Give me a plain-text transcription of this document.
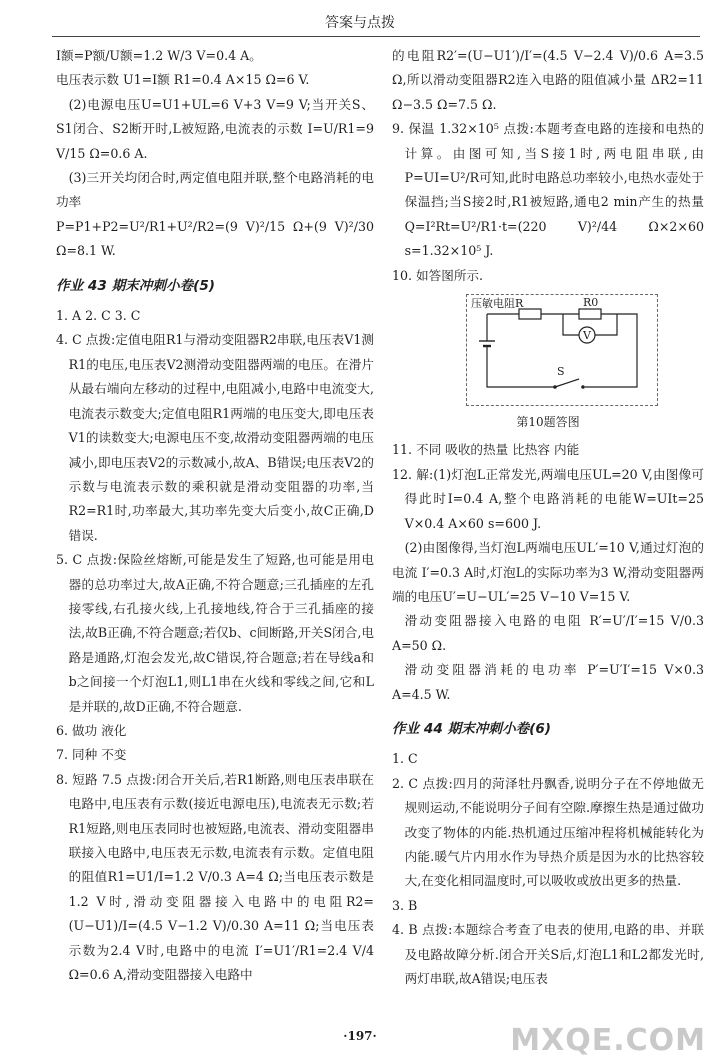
答案与点拨

I额=P额/U额=1.2 W/3 V=0.4 A。

电压表示数 U1=I额 R1=0.4 A×15 Ω=6 V.

(2)电源电压U=U1+UL=6 V+3 V=9 V;当开关S、S1闭合、S2断开时,L被短路,电流表的示数 I=U/R1=9 V/15 Ω=0.6 A.

(3)三开关均闭合时,两定值电阻并联,整个电路消耗的电功率

P=P1+P2=U²/R1+U²/R2=(9 V)²/15 Ω+(9 V)²/30 Ω=8.1 W.

作业 43 期末冲刺小卷(5)

1. A 2. C 3. C

4. C 点拨:定值电阻R1与滑动变阻器R2串联,电压表V1测R1的电压,电压表V2测滑动变阻器两端的电压。在滑片从最右端向左移动的过程中,电阻减小,电路中电流变大,电流表示数变大;定值电阻R1两端的电压变大,即电压表V1的读数变大;电源电压不变,故滑动变阻器两端的电压减小,即电压表V2的示数减小,故A、B错误;电压表V2的示数与电流表示数的乘积就是滑动变阻器的功率,当R2=R1时,功率最大,其功率先变大后变小,故C正确,D错误.

5. C 点拨:保险丝熔断,可能是发生了短路,也可能是用电器的总功率过大,故A正确,不符合题意;三孔插座的左孔接零线,右孔接火线,上孔接地线,符合于三孔插座的接法,故B正确,不符合题意;若仅b、c间断路,开关S闭合,电路是通路,灯泡会发光,故C错误,符合题意;若在导线a和b之间接一个灯泡L1,则L1串在火线和零线之间,它和L是并联的,故D正确,不符合题意.

6. 做功 液化

7. 同种 不变

8. 短路 7.5 点拨:闭合开关后,若R1断路,则电压表串联在电路中,电压表有示数(接近电源电压),电流表无示数;若R1短路,则电压表同时也被短路,电流表、滑动变阻器串联接入电路中,电压表无示数,电流表有示数。定值电阻的阻值R1=U1/I=1.2 V/0.3 A=4 Ω;当电压表示数是1.2 V时,滑动变阻器接入电路中的电阻R2=(U−U1)/I=(4.5 V−1.2 V)/0.30 A=11 Ω;当电压表示数为2.4 V时,电路中的电流 I′=U1′/R1=2.4 V/4 Ω=0.6 A,滑动变阻器接入电路中

的电阻R2′=(U−U1′)/I′=(4.5 V−2.4 V)/0.6 A=3.5 Ω,所以滑动变阻器R2连入电路的阻值减小量 ΔR2=11 Ω−3.5 Ω=7.5 Ω.

9. 保温 1.32×10⁵ 点拨:本题考查电路的连接和电热的计算。由图可知,当S接1时,两电阻串联,由 P=UI=U²/R可知,此时电路总功率较小,电热水壶处于保温挡;当S接2时,R1被短路,通电2 min产生的热量Q=I²Rt=U²/R1·t=(220 V)²/44 Ω×2×60 s=1.32×10⁵ J.

10. 如答图所示.

压敏电阻R	R0
V
S
第10题答图

11. 不同 吸收的热量 比热容 内能

12. 解:(1)灯泡L正常发光,两端电压UL=20 V,由图像可得此时I=0.4 A,整个电路消耗的电能W=UIt=25 V×0.4 A×60 s=600 J.

(2)由图像得,当灯泡L两端电压UL′=10 V,通过灯泡的电流 I′=0.3 A时,灯泡L的实际功率为3 W,滑动变阻器两端的电压U′=U−UL′=25 V−10 V=15 V.

滑动变阻器接入电路的电阻 R′=U′/I′=15 V/0.3 A=50 Ω.

滑动变阻器消耗的电功率 P′=U′I′=15 V×0.3 A=4.5 W.

作业 44 期末冲刺小卷(6)

1. C

2. C 点拨:四月的菏泽牡丹飘香,说明分子在不停地做无规则运动,不能说明分子间有空隙.摩擦生热是通过做功改变了物体的内能.热机通过压缩冲程将机械能转化为内能.暖气片内用水作为导热介质是因为水的比热容较大,在变化相同温度时,可以吸收或放出更多的热量.

3. B

4. B 点拨:本题综合考查了电表的使用,电路的串、并联及电路故障分析.闭合开关S后,灯泡L1和L2都发光时,两灯串联,故A错误;电压表

·197·	MXQE.COM
